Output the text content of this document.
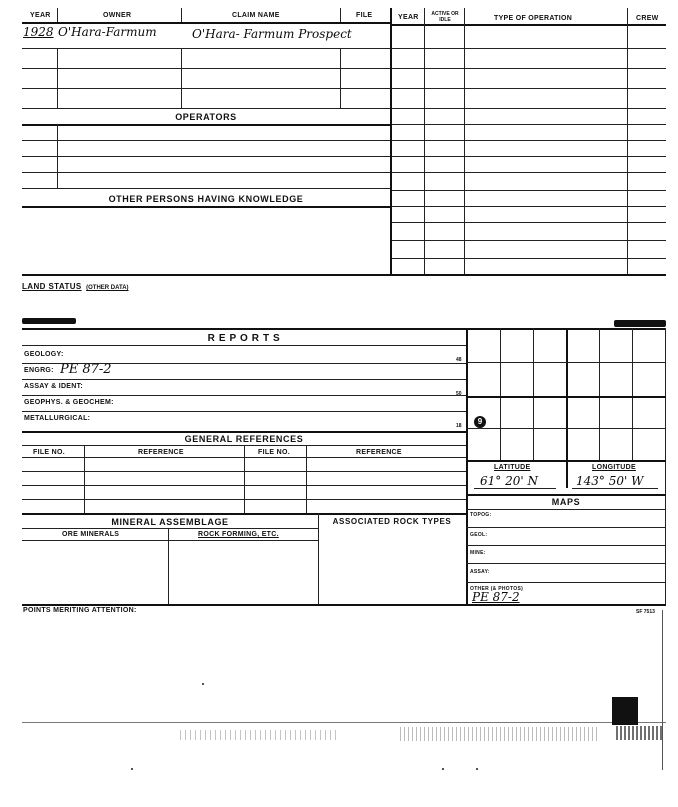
YEAR	OWNER	CLAIM NAME	FILE	YEAR	ACTIVE OR IDLE	TYPE OF OPERATION	CREW
1928 O'Hara-Farmum	O'Hara- Farmum Prospect
OPERATORS
OTHER PERSONS HAVING KNOWLEDGE
LAND STATUS (OTHER DATA)
R E P O R T S
GEOLOGY:
48
ENGRG: PE 87-2
ASSAY & IDENT:
50
GEOPHYS. & GEOCHEM:
METALLURGICAL:
18
GENERAL REFERENCES
FILE NO.	REFERENCE	FILE NO.	REFERENCE
MINERAL ASSEMBLAGE	ASSOCIATED ROCK TYPES
ORE MINERALS	ROCK FORMING, ETC.
POINTS MERITING ATTENTION:	SF 7513
9
LATITUDE	LONGITUDE
61° 20' N	143° 50' W
MAPS
TOPOG:
GEOL:
MINE:
ASSAY:
OTHER (& PHOTOS)
PE 87-2
